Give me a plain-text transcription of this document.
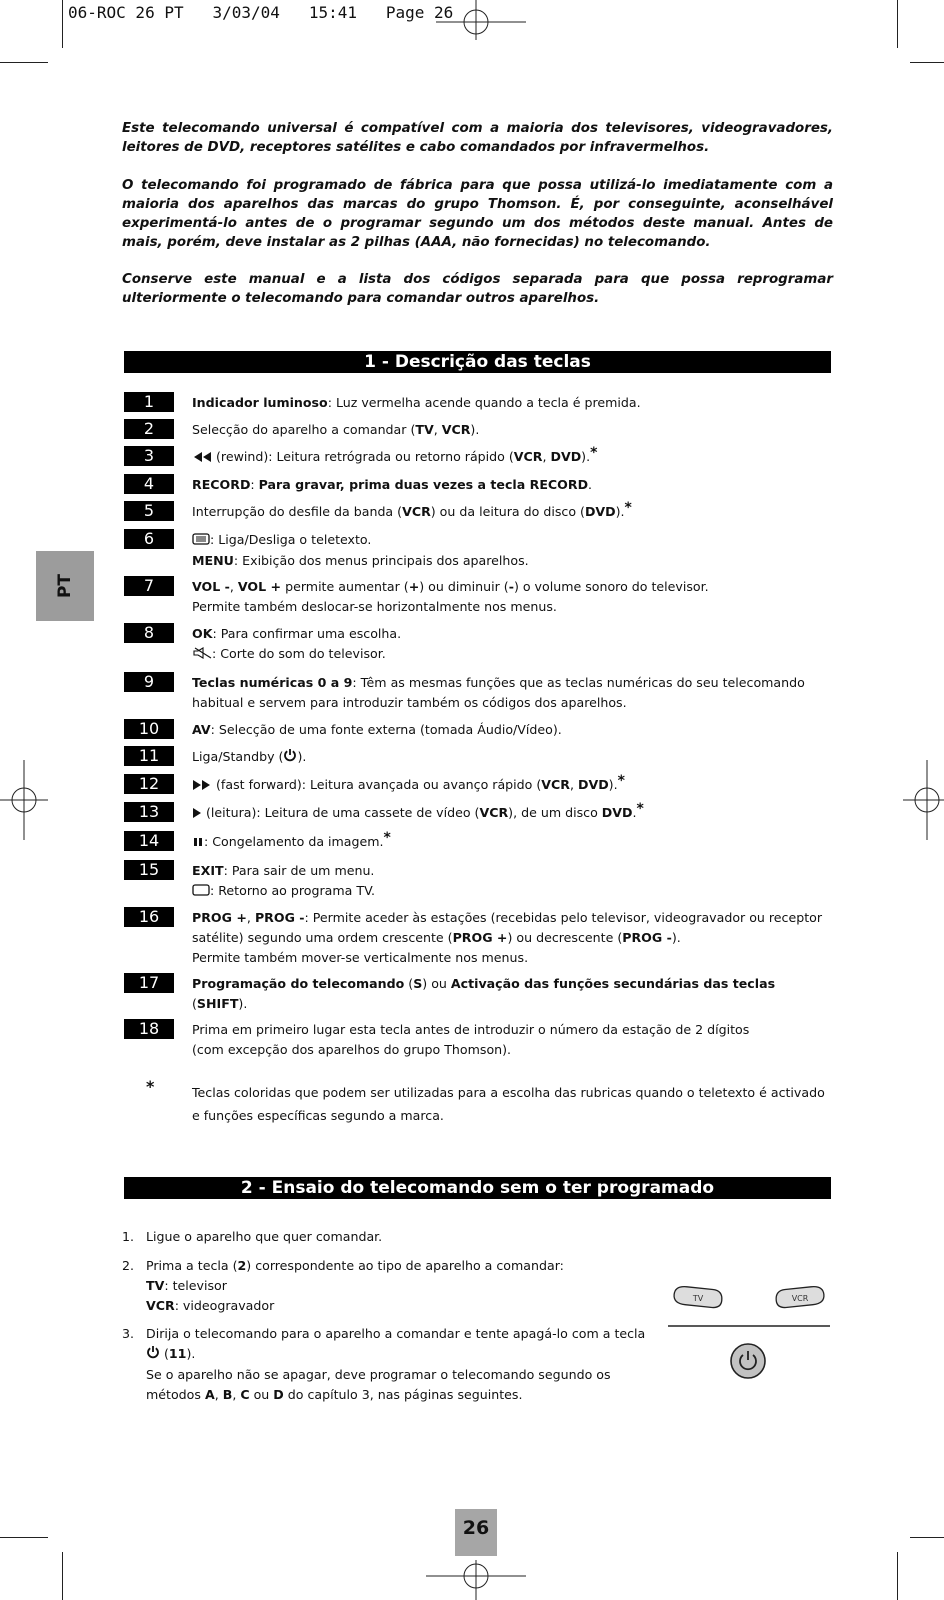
06-ROC 26 PT   3/03/04   15:41   Page 26
PT
Este telecomando universal é compatível com a maioria dos televisores, videogravadores, leitores de DVD, receptores satélites e cabo comandados por infravermelhos.
O telecomando foi programado de fábrica para que possa utilizá-lo imediatamente com a maioria dos aparelhos das marcas do grupo Thomson. É, por conseguinte, aconselhável experimentá-lo antes de o programar segundo um dos métodos deste manual. Antes de mais, porém, deve instalar as 2 pilhas (AAA, não fornecidas) no telecomando.
Conserve este manual e a lista dos códigos separada para que possa reprogramar ulteriormente o telecomando para comandar outros aparelhos.
1 - Descrição das teclas
1	Indicador luminoso: Luz vermelha acende quando a tecla é premida.
2	Selecção do aparelho a comandar (TV, VCR).
3	(rewind): Leitura retrógrada ou retorno rápido (VCR, DVD).*
4	RECORD: Para gravar, prima duas vezes a tecla RECORD.
5	Interrupção do desfile da banda (VCR) ou da leitura do disco (DVD).*
6	: Liga/Desliga o teletexto.
MENU: Exibição dos menus principais dos aparelhos.
7	VOL -, VOL + permite aumentar (+) ou diminuir (-) o volume sonoro do televisor.
Permite também deslocar-se horizontalmente nos menus.
8	OK: Para confirmar uma escolha.
: Corte do som do televisor.
9	Teclas numéricas 0 a 9: Têm as mesmas funções que as teclas numéricas do seu telecomando habitual e servem para introduzir também os códigos dos aparelhos.
10	AV: Selecção de uma fonte externa (tomada Áudio/Vídeo).
11	Liga/Standby ( ).
12	(fast forward): Leitura avançada ou avanço rápido (VCR, DVD).*
13	(leitura): Leitura de uma cassete de vídeo (VCR), de um disco DVD.*
14	: Congelamento da imagem.*
15	EXIT: Para sair de um menu.
: Retorno ao programa TV.
16	PROG +, PROG -: Permite aceder às estações (recebidas pelo televisor, videogravador ou receptor satélite) segundo uma ordem crescente (PROG +) ou decrescente (PROG -).
Permite também mover-se verticalmente nos menus.
17	Programação do telecomando (S) ou Activação das funções secundárias das teclas (SHIFT).
18	Prima em primeiro lugar esta tecla antes de introduzir o número da estação de 2 dígitos
(com excepção dos aparelhos do grupo Thomson).
*	Teclas coloridas que podem ser utilizadas para a escolha das rubricas quando o teletexto é activado e funções específicas segundo a marca.
2 - Ensaio do telecomando sem o ter programado
1. Ligue o aparelho que quer comandar.
2. Prima a tecla (2) correspondente ao tipo de aparelho a comandar:
TV: televisor
VCR: videogravador
3. Dirija o telecomando para o aparelho a comandar e tente apagá-lo com a tecla
(11).
Se o aparelho não se apagar, deve programar o telecomando segundo os
métodos A, B, C ou D do capítulo 3, nas páginas seguintes.
TV	VCR
26
